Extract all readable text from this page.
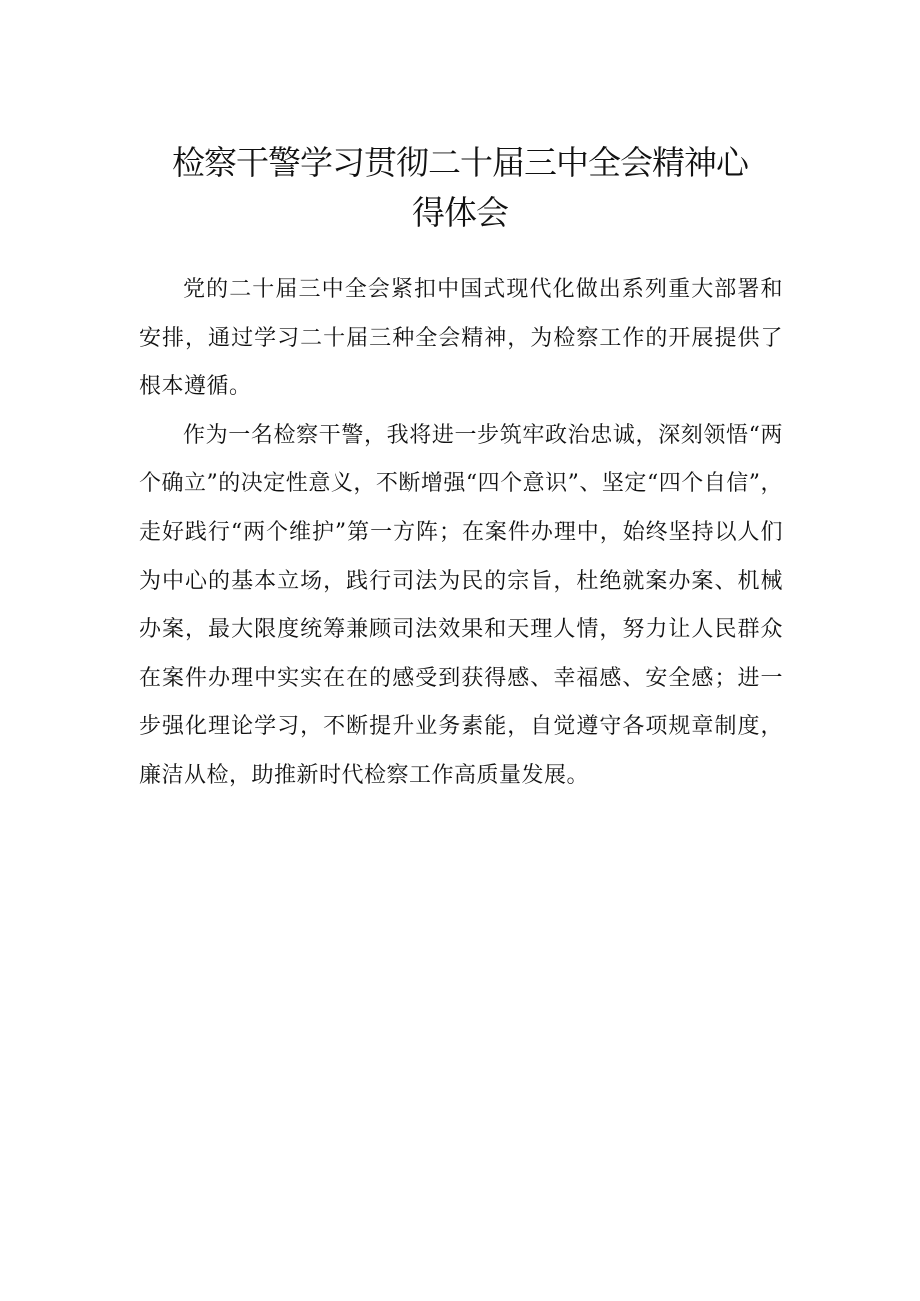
检察干警学习贯彻二十届三中全会精神心
得体会

党的二十届三中全会紧扣中国式现代化做出系列重大部署和安排，通过学习二十届三种全会精神，为检察工作的开展提供了根本遵循。

作为一名检察干警，我将进一步筑牢政治忠诚，深刻领悟“两个确立”的决定性意义，不断增强“四个意识”、坚定“四个自信”，走好践行“两个维护”第一方阵；在案件办理中，始终坚持以人们为中心的基本立场，践行司法为民的宗旨，杜绝就案办案、机械办案，最大限度统筹兼顾司法效果和天理人情，努力让人民群众在案件办理中实实在在的感受到获得感、幸福感、安全感；进一步强化理论学习，不断提升业务素能，自觉遵守各项规章制度，廉洁从检，助推新时代检察工作高质量发展。
